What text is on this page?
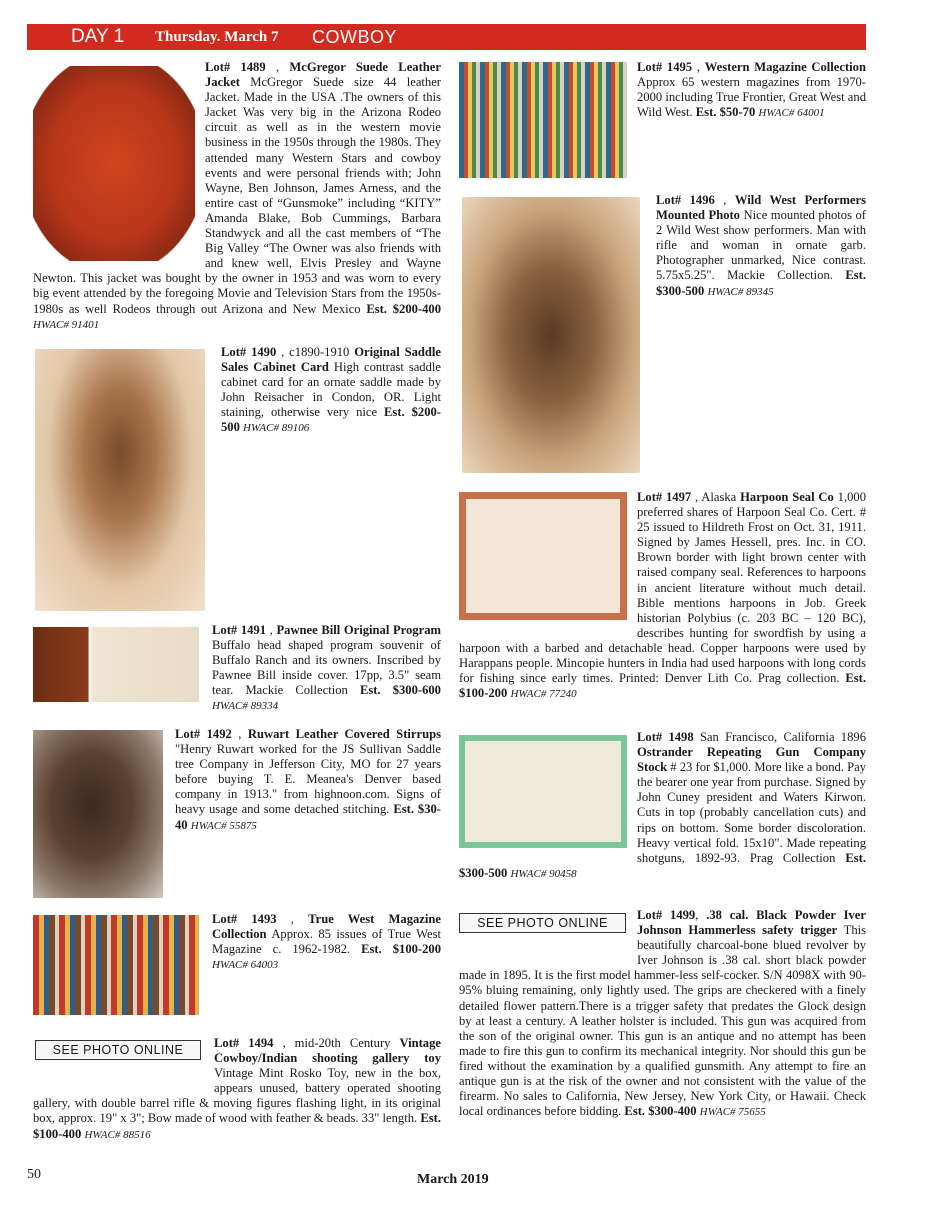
DAY 1 Thursday. March 7 COWBOY
Lot# 1489 , McGregor Suede Leather Jacket McGregor Suede size 44 leather Jacket. Made in the USA .The owners of this Jacket Was very big in the Arizona Rodeo circuit as well as in the western movie business in the 1950s through the 1980s. They attended many Western Stars and cowboy events and were personal friends with; John Wayne, Ben Johnson, James Arness, and the entire cast of “Gunsmoke” including “KITY” Amanda Blake, Bob Cummings, Barbara Standwyck and all the cast members of “The Big Valley “The Owner was also friends with and knew well, Elvis Presley and Wayne Newton. This jacket was bought by the owner in 1953 and was worn to every big event attended by the foregoing Movie and Television Stars from the 1950s- 1980s as well Rodeos through out Arizona and New Mexico Est. $200-400 HWAC# 91401
Lot# 1490 , c1890-1910 Original Saddle Sales Cabinet Card High contrast saddle cabinet card for an ornate saddle made by John Reisacher in Condon, OR. Light staining, otherwise very nice Est. $200-500 HWAC# 89106
Lot# 1491 , Pawnee Bill Original Program Buffalo head shaped program souvenir of Buffalo Ranch and its owners. Inscribed by Pawnee Bill inside cover. 17pp, 3.5" seam tear. Mackie Collection Est. $300-600 HWAC# 89334
Lot# 1492 , Ruwart Leather Covered Stirrups "Henry Ruwart worked for the JS Sullivan Saddle tree Company in Jefferson City, MO for 27 years before buying T. E. Meanea's Denver based company in 1913." from highnoon.com. Signs of heavy usage and some detached stitching. Est. $30-40 HWAC# 55875
Lot# 1493 , True West Magazine Collection Approx. 85 issues of True West Magazine c. 1962-1982. Est. $100-200 HWAC# 64003
SEE PHOTO ONLINE	Lot# 1494 , mid-20th Century Vintage Cowboy/Indian shooting gallery toy Vintage Mint Rosko Toy, new in the box, appears unused, battery operated shooting gallery, with double barrel rifle & moving figures flashing light, in its original box, approx. 19" x 3"; Bow made of wood with feather & beads. 33" length. Est. $100-400 HWAC# 88516
Lot# 1495 , Western Magazine Collection Approx 65 western magazines from 1970-2000 including True Frontier, Great West and Wild West. Est. $50-70 HWAC# 64001
Lot# 1496 , Wild West Performers Mounted Photo Nice mounted photos of 2 Wild West show performers. Man with rifle and woman in ornate garb. Photographer unmarked, Nice contrast. 5.75x5.25". Mackie Collection. Est. $300-500 HWAC# 89345
Lot# 1497 , Alaska Harpoon Seal Co 1,000 preferred shares of Harpoon Seal Co. Cert. # 25 issued to Hildreth Frost on Oct. 31, 1911. Signed by James Hessell, pres. Inc. in CO. Brown border with light brown center with raised company seal. References to harpoons in ancient literature without much detail. Bible mentions harpoons in Job. Greek historian Polybius (c. 203 BC – 120 BC), describes hunting for swordfish by using a harpoon with a barbed and detachable head. Copper harpoons were used by Harappans people. Mincopie hunters in India had used harpoons with long cords for fishing since early times. Printed: Denver Lith Co. Prag collection. Est. $100-200 HWAC# 77240
Lot# 1498 San Francisco, California 1896 Ostrander Repeating Gun Company Stock # 23 for $1,000. More like a bond. Pay the bearer one year from purchase. Signed by John Cuney president and Waters Kirwon. Cuts in top (probably cancellation cuts) and rips on bottom. Some border discoloration. Heavy vertical fold. 15x10". Made repeating shotguns, 1892-93. Prag Collection Est. $300-500 HWAC# 90458
SEE PHOTO ONLINE
Lot# 1499, .38 cal. Black Powder Iver Johnson Hammerless safety trigger This beautifully charcoal-bone blued revolver by Iver Johnson is .38 cal. short black powder made in 1895. It is the first model hammer-less self-cocker. S/N 4098X with 90-95% bluing remaining, only lightly used. The grips are checkered with a finely detailed flower pattern.There is a trigger safety that predates the Glock design by at least a century. A leather holster is included. This gun was acquired from the son of the original owner. This gun is an antique and no attempt has been made to fire this gun to confirm its mechanical integrity. Nor should this gun be fired without the examination by a qualified gunsmith. Any attempt to fire an antique gun is at the risk of the owner and not consistent with the value of the firearm. No sales to California, New Jersey, New York City, or Hawaii. Check local ordinances before bidding. Est. $300-400 HWAC# 75655
50	March 2019
